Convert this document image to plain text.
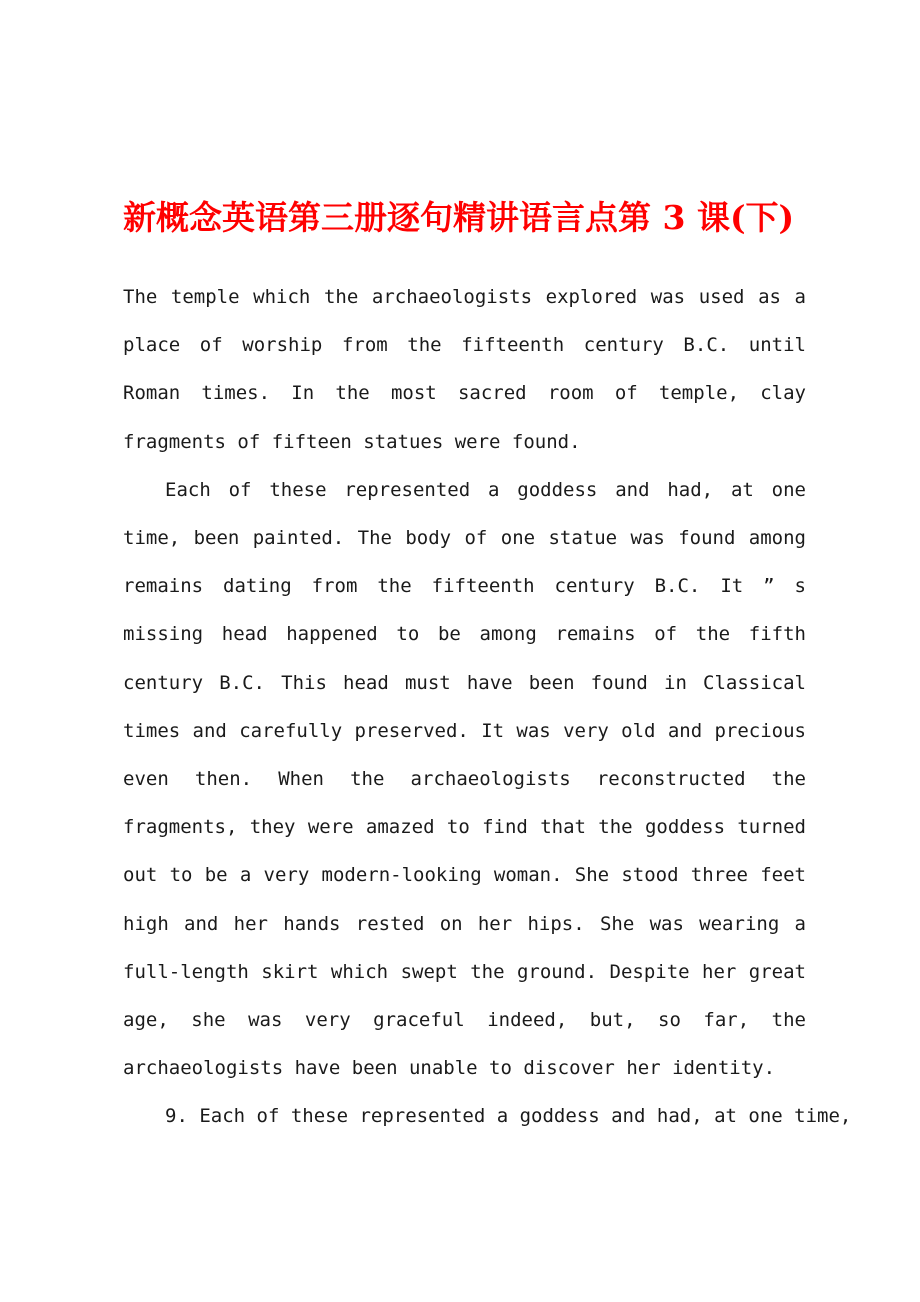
新概念英语第三册逐句精讲语言点第 3 课(下)

The temple which the archaeologists explored was used as a place of worship from the fifteenth century B.C. until Roman times. In the most sacred room of temple, clay fragments of fifteen statues were found.

Each of these represented a goddess and had, at one time, been painted. The body of one statue was found among remains dating from the fifteenth century B.C. It ” s missing head happened to be among remains of the fifth century B.C. This head must have been found in Classical times and carefully preserved. It was very old and precious even then. When the archaeologists reconstructed the fragments, they were amazed to find that the goddess turned out to be a very modern-looking woman. She stood three feet high and her hands rested on her hips. She was wearing a full-length skirt which swept the ground. Despite her great age, she was very graceful indeed, but, so far, the archaeologists have been unable to discover her identity.

9. Each of these represented a goddess and had, at one time,
